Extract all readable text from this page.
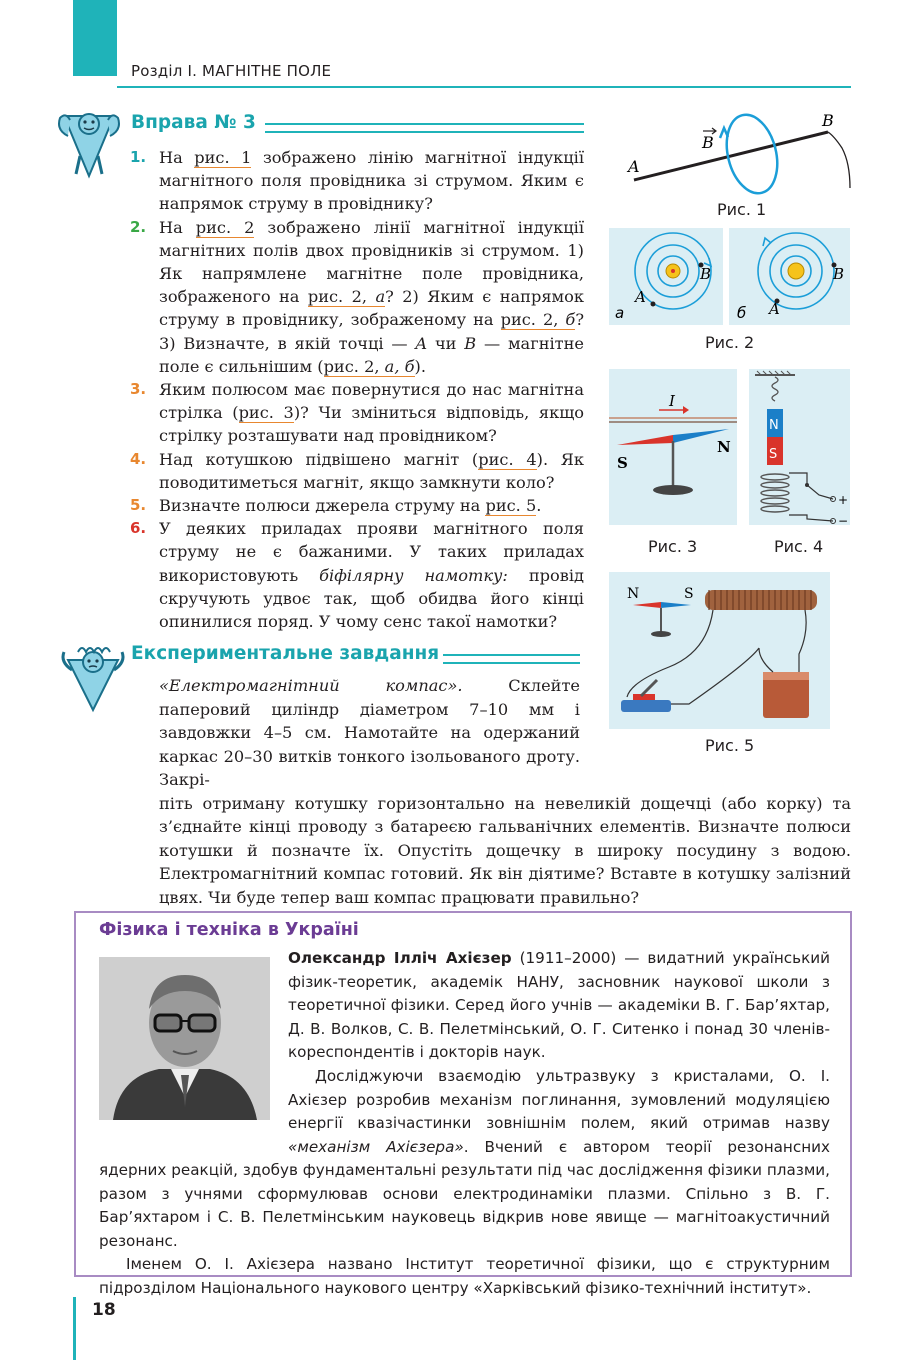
Розділ І. МАГНІТНЕ ПОЛЕ
Вправа № 3
1. На рис. 1 зображено лінію магнітної індукції магнітного поля провідника зі струмом. Яким є напрямок струму в провіднику?
2. На рис. 2 зображено лінії магнітної індукції магнітних полів двох провідників зі струмом. 1) Як напрямлене магнітне поле провідника, зображеного на рис. 2, а? 2) Яким є напрямок струму в провіднику, зображеному на рис. 2, б? 3) Визначте, в якій точці — A чи B — магнітне поле є сильнішим (рис. 2, а, б).
3. Яким полюсом має повернутися до нас магнітна стрілка (рис. 3)? Чи зміниться відповідь, якщо стрілку розташувати над провідником?
4. Над котушкою підвішено магніт (рис. 4). Як поводитиметься магніт, якщо замкнути коло?
5. Визначте полюси джерела струму на рис. 5.
6. У деяких приладах прояви магнітного поля струму не є бажаними. У таких приладах використовують біфілярну намотку: провід скручують удвоє так, щоб обидва його кінці опинилися поряд. У чому сенс такої намотки?
Експериментальне завдання
«Електромагнітний компас». Склейте паперовий циліндр діаметром 7–10 мм і завдовжки 4–5 см. Намотайте на одержаний каркас 20–30 витків тонкого ізольованого дроту. Закрі-
піть отриману котушку горизонтально на невеликій дощечці (або корку) та з’єднайте кінці проводу з батареєю гальванічних елементів. Визначте полюси котушки й позначте їх. Опустіть дощечку в широку посудину з водою. Електромагнітний компас готовий. Як він діятиме? Вставте в котушку залізний цвях. Чи буде тепер ваш компас працювати правильно?
A
B
B
Рис. 1
B
A
а
B
A
б
Рис. 2
I
S
N
Рис. 3
N
S
+
−
Рис. 4
N	S
Рис. 5
Фізика і техніка в Україні
Олександр Ілліч Ахієзер (1911–2000) — видатний український фізик-теоретик, академік НАНУ, засновник наукової школи з теоретичної фізики. Серед його учнів — академіки В. Г. Бар’яхтар, Д. В. Волков, С. В. Пелетмінський, О. Г. Ситенко і понад 30 членів-кореспондентів і докторів наук.
Досліджуючи взаємодію ультразвуку з кристалами, О. І. Ахієзер розробив механізм поглинання, зумовлений модуляцією енергії квазічастинки зовнішнім полем, який отримав назву «механізм Ахієзера». Вчений є автором теорії резонансних ядерних реакцій, здобув фундаментальні результати під час дослідження фізики плазми, разом з учнями сформулював основи електродинаміки плазми. Спільно з В. Г. Бар’яхтаром і С. В. Пелетмінським науковець відкрив нове явище — магнітоакустичний резонанс.
Іменем О. І. Ахієзера названо Інститут теоретичної фізики, що є структурним підрозділом Національного наукового центру «Харківський фізико-технічний інститут».
18
